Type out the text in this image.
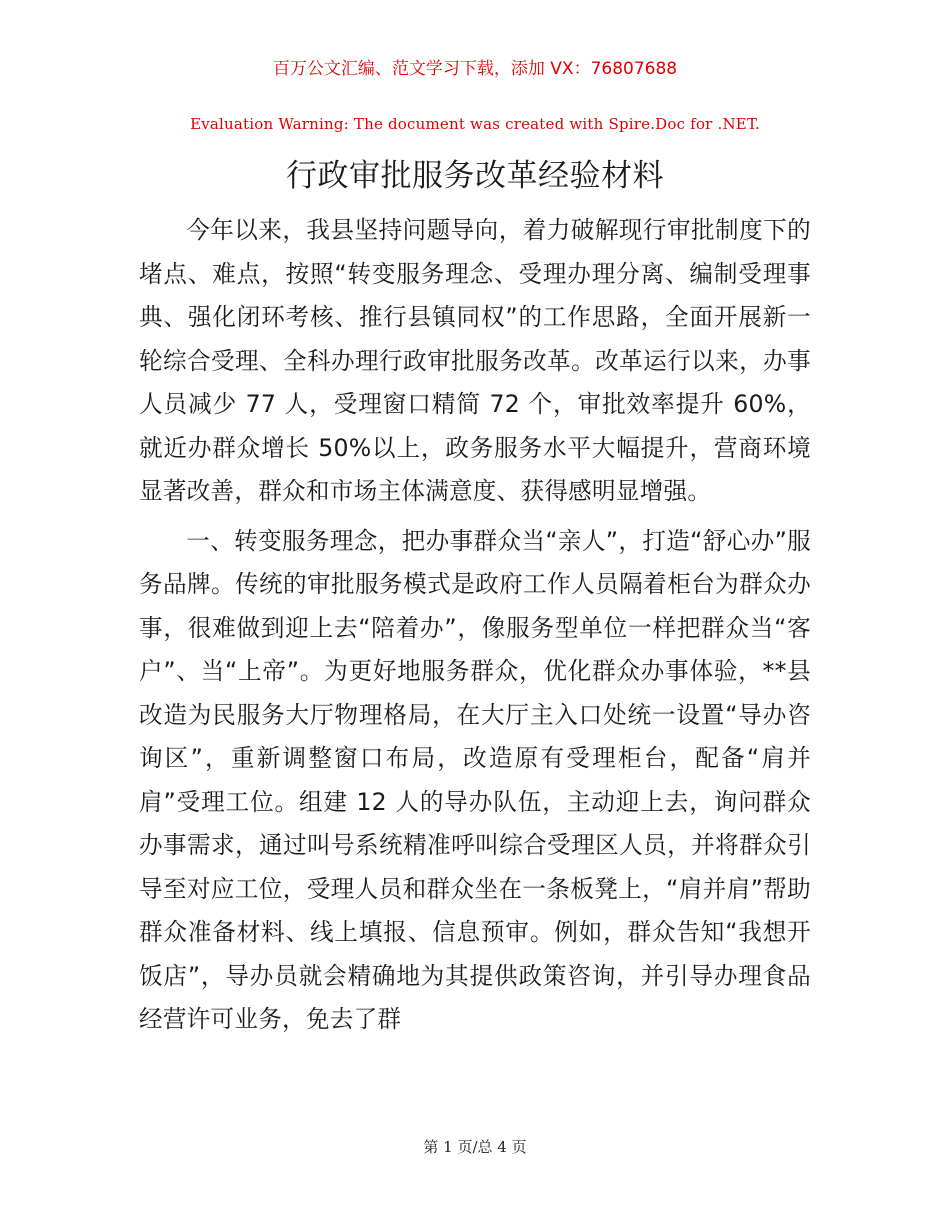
百万公文汇编、范文学习下载，添加 VX：76807688
Evaluation Warning: The document was created with Spire.Doc for .NET.
行政审批服务改革经验材料

今年以来，我县坚持问题导向，着力破解现行审批制度下的堵点、难点，按照“转变服务理念、受理办理分离、编制受理事典、强化闭环考核、推行县镇同权”的工作思路，全面开展新一轮综合受理、全科办理行政审批服务改革。改革运行以来，办事人员减少 77 人，受理窗口精简 72 个，审批效率提升 60%，就近办群众增长 50%以上，政务服务水平大幅提升，营商环境显著改善，群众和市场主体满意度、获得感明显增强。

一、转变服务理念，把办事群众当“亲人”，打造“舒心办”服务品牌。传统的审批服务模式是政府工作人员隔着柜台为群众办事，很难做到迎上去“陪着办”，像服务型单位一样把群众当“客户”、当“上帝”。为更好地服务群众，优化群众办事体验，**县改造为民服务大厅物理格局，在大厅主入口处统一设置“导办咨询区”，重新调整窗口布局，改造原有受理柜台，配备“肩并肩”受理工位。组建 12 人的导办队伍，主动迎上去，询问群众办事需求，通过叫号系统精准呼叫综合受理区人员，并将群众引导至对应工位，受理人员和群众坐在一条板凳上，“肩并肩”帮助群众准备材料、线上填报、信息预审。例如，群众告知“我想开饭店”，导办员就会精确地为其提供政策咨询，并引导办理食品经营许可业务，免去了群

第 1 页/总 4 页
